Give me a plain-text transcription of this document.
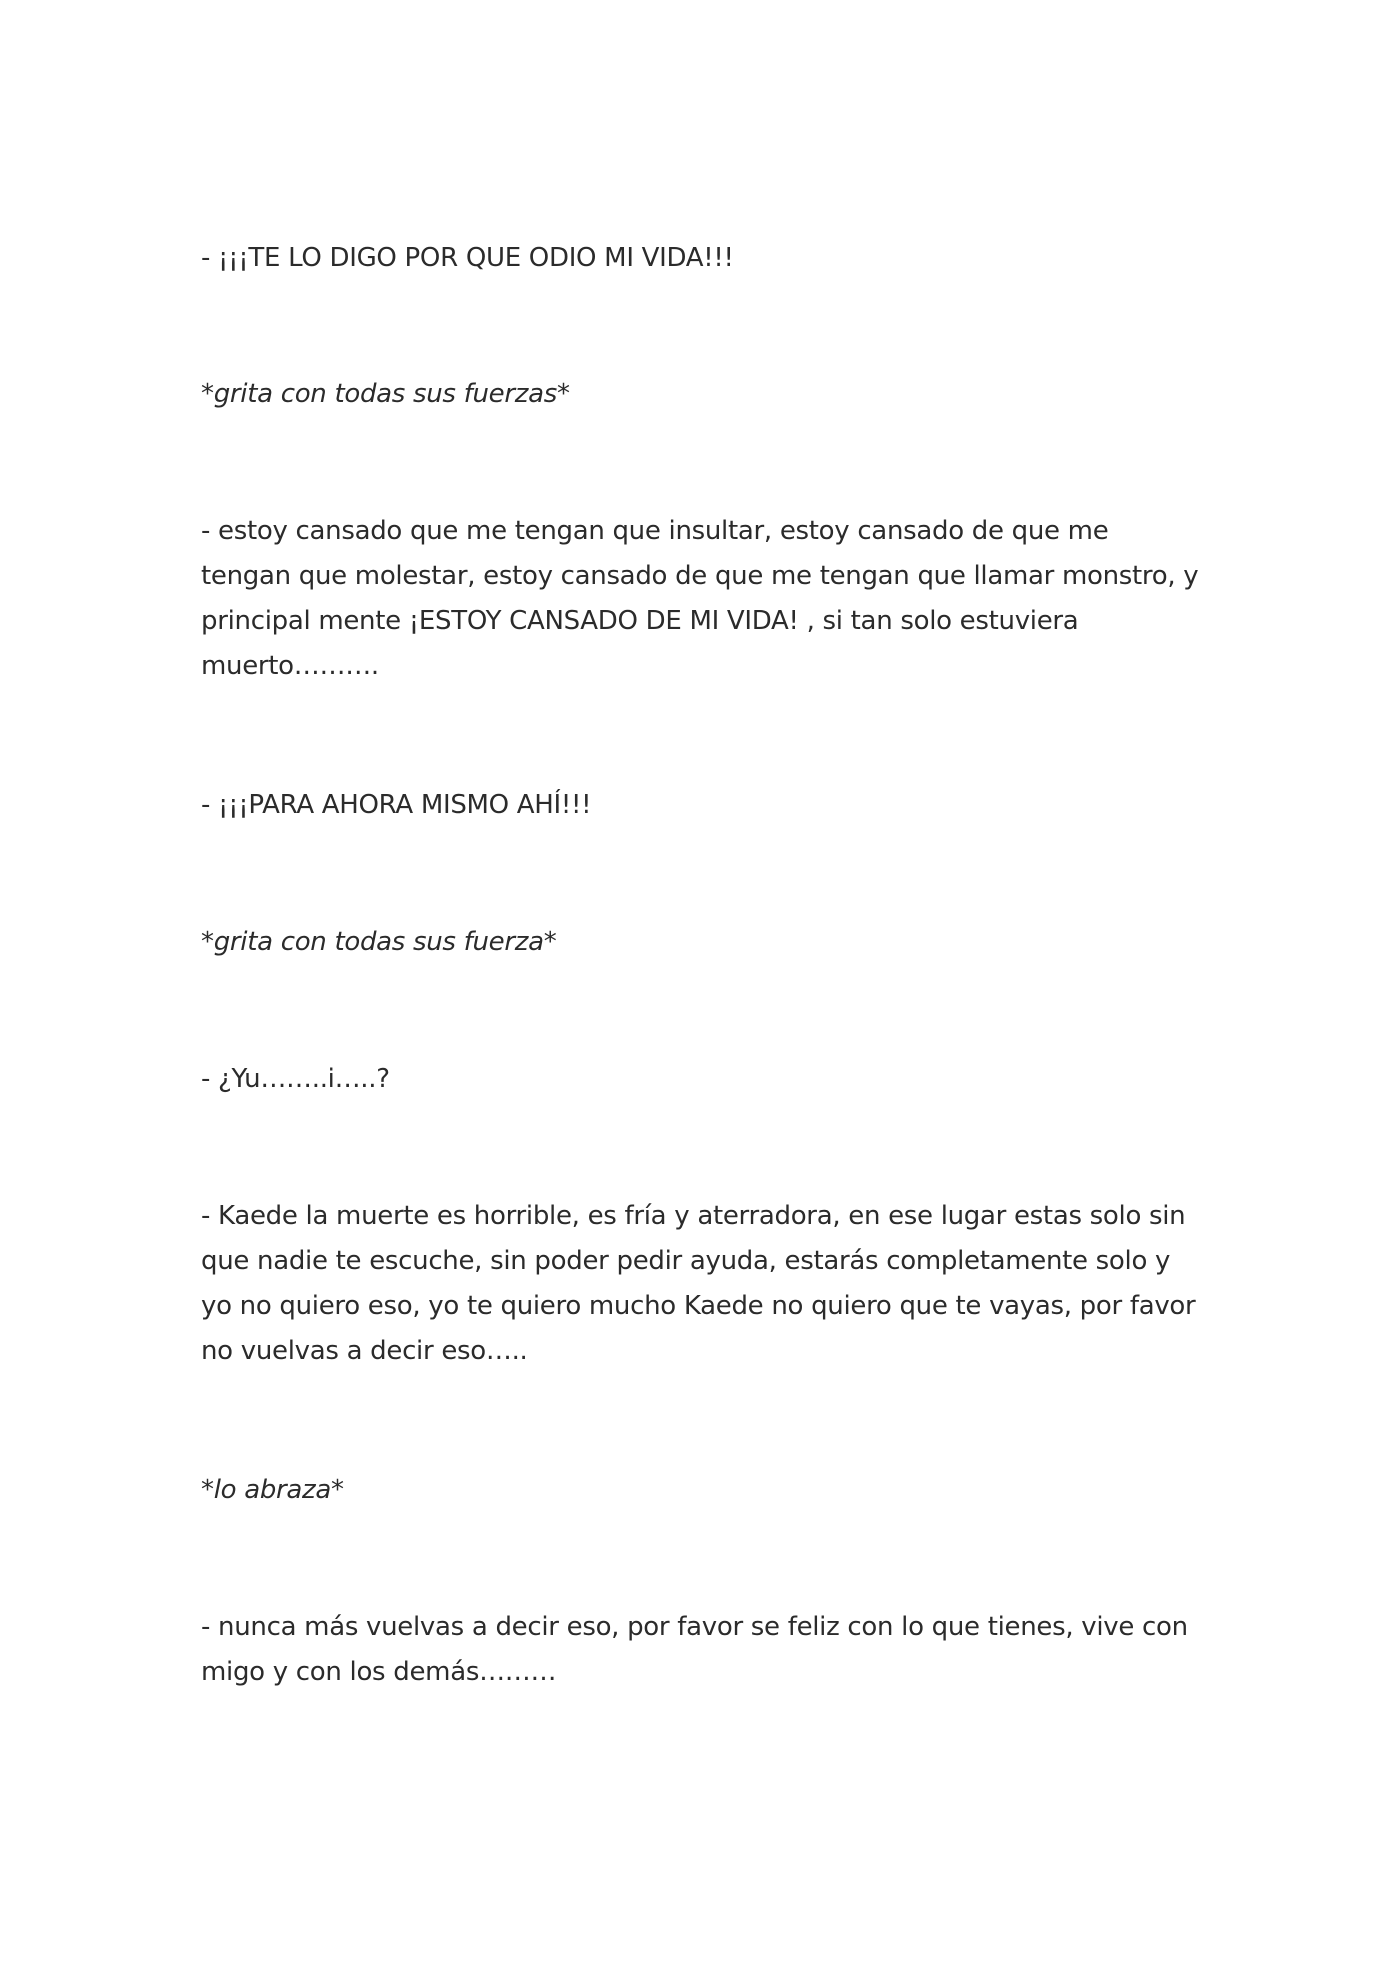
- ¡¡¡TE LO DIGO POR QUE ODIO MI VIDA!!!

*grita con todas sus fuerzas*

- estoy cansado que me tengan que insultar, estoy cansado de que me tengan que molestar, estoy cansado de que me tengan que llamar monstro, y principal mente ¡ESTOY CANSADO DE MI VIDA! , si tan solo estuviera muerto……….

- ¡¡¡PARA AHORA MISMO AHÍ!!!

*grita con todas sus fuerza*

- ¿Yu……..i…..?

- Kaede la muerte es horrible, es fría y aterradora, en ese lugar estas solo sin que nadie te escuche, sin poder pedir ayuda, estarás completamente solo y yo no quiero eso, yo te quiero mucho Kaede no quiero que te vayas, por favor no vuelvas a decir eso…..

*lo abraza*

- nunca más vuelvas a decir eso, por favor se feliz con lo que tienes, vive con migo y con los demás………
